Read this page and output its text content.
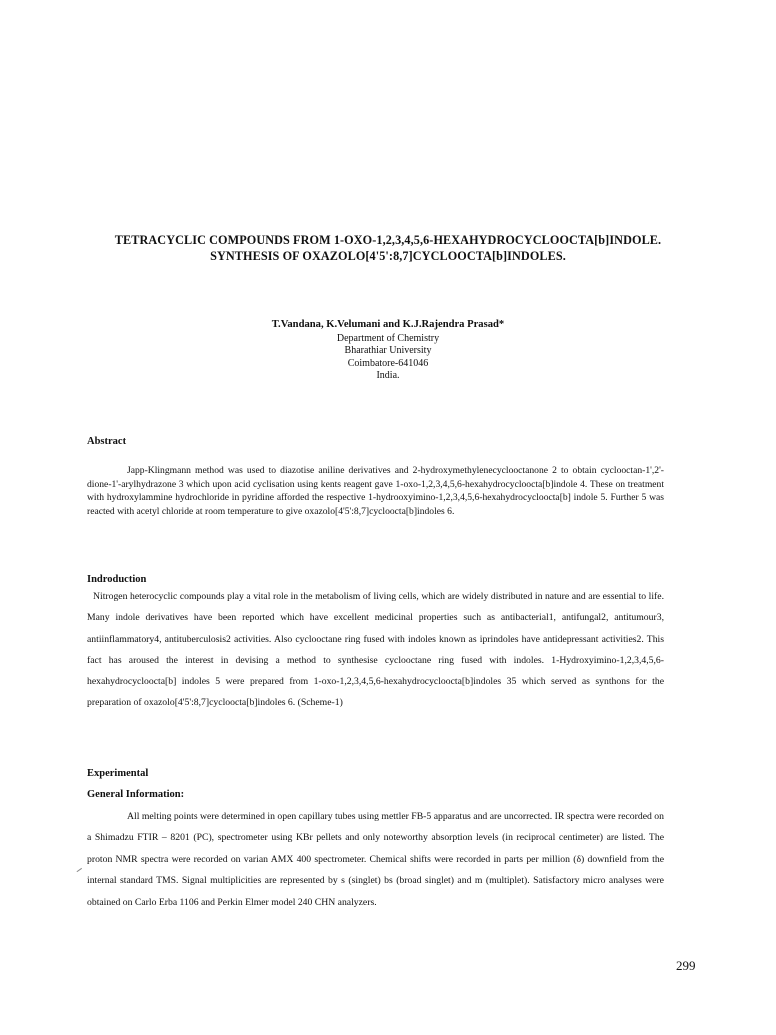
TETRACYCLIC COMPOUNDS FROM 1-OXO-1,2,3,4,5,6-HEXAHYDROCYCLOOCTA[b]INDOLE.
SYNTHESIS OF OXAZOLO[4'5':8,7]CYCLOOCTA[b]INDOLES.
T.Vandana, K.Velumani and K.J.Rajendra Prasad*
Department of Chemistry
Bharathiar University
Coimbatore-641046
India.
Abstract

Japp-Klingmann method was used to diazotise aniline derivatives and 2-hydroxymethylenecyclooctanone 2 to obtain cyclooctan-1',2'-dione-1'-arylhydrazone 3 which upon acid cyclisation using kents reagent gave 1-oxo-1,2,3,4,5,6-hexahydrocycloocta[b]indole 4. These on treatment with hydroxylammine hydrochloride in pyridine afforded the respective 1-hydrooxyimino-1,2,3,4,5,6-hexahydrocycloocta[b] indole 5. Further 5 was reacted with acetyl chloride at room temperature to give oxazolo[4'5':8,7]cycloocta[b]indoles 6.

Indroduction

Nitrogen heterocyclic compounds play a vital role in the metabolism of living cells, which are widely distributed in nature and are essential to life. Many indole derivatives have been reported which have excellent medicinal properties such as antibacterial1, antifungal2, antitumour3, antiinflammatory4, antituberculosis2 activities. Also cyclooctane ring fused with indoles known as iprindoles have antidepressant activities2. This fact has aroused the interest in devising a method to synthesise cyclooctane ring fused with indoles. 1-Hydroxyimino-1,2,3,4,5,6-hexahydrocycloocta[b] indoles 5 were prepared from 1-oxo-1,2,3,4,5,6-hexahydrocycloocta[b]indoles 35 which served as synthons for the preparation of oxazolo[4'5':8,7]cycloocta[b]indoles 6. (Scheme-1)

Experimental
General Information:

All melting points were determined in open capillary tubes using mettler FB-5 apparatus and are uncorrected. IR spectra were recorded on a Shimadzu FTIR – 8201 (PC), spectrometer using KBr pellets and only noteworthy absorption levels (in reciprocal centimeter) are listed. The proton NMR spectra were recorded on varian AMX 400 spectrometer. Chemical shifts were recorded in parts per million (δ) downfield from the internal standard TMS. Signal multiplicities are represented by s (singlet) bs (broad singlet) and m (multiplet). Satisfactory micro analyses were obtained on Carlo Erba 1106 and Perkin Elmer model 240 CHN analyzers.

299
